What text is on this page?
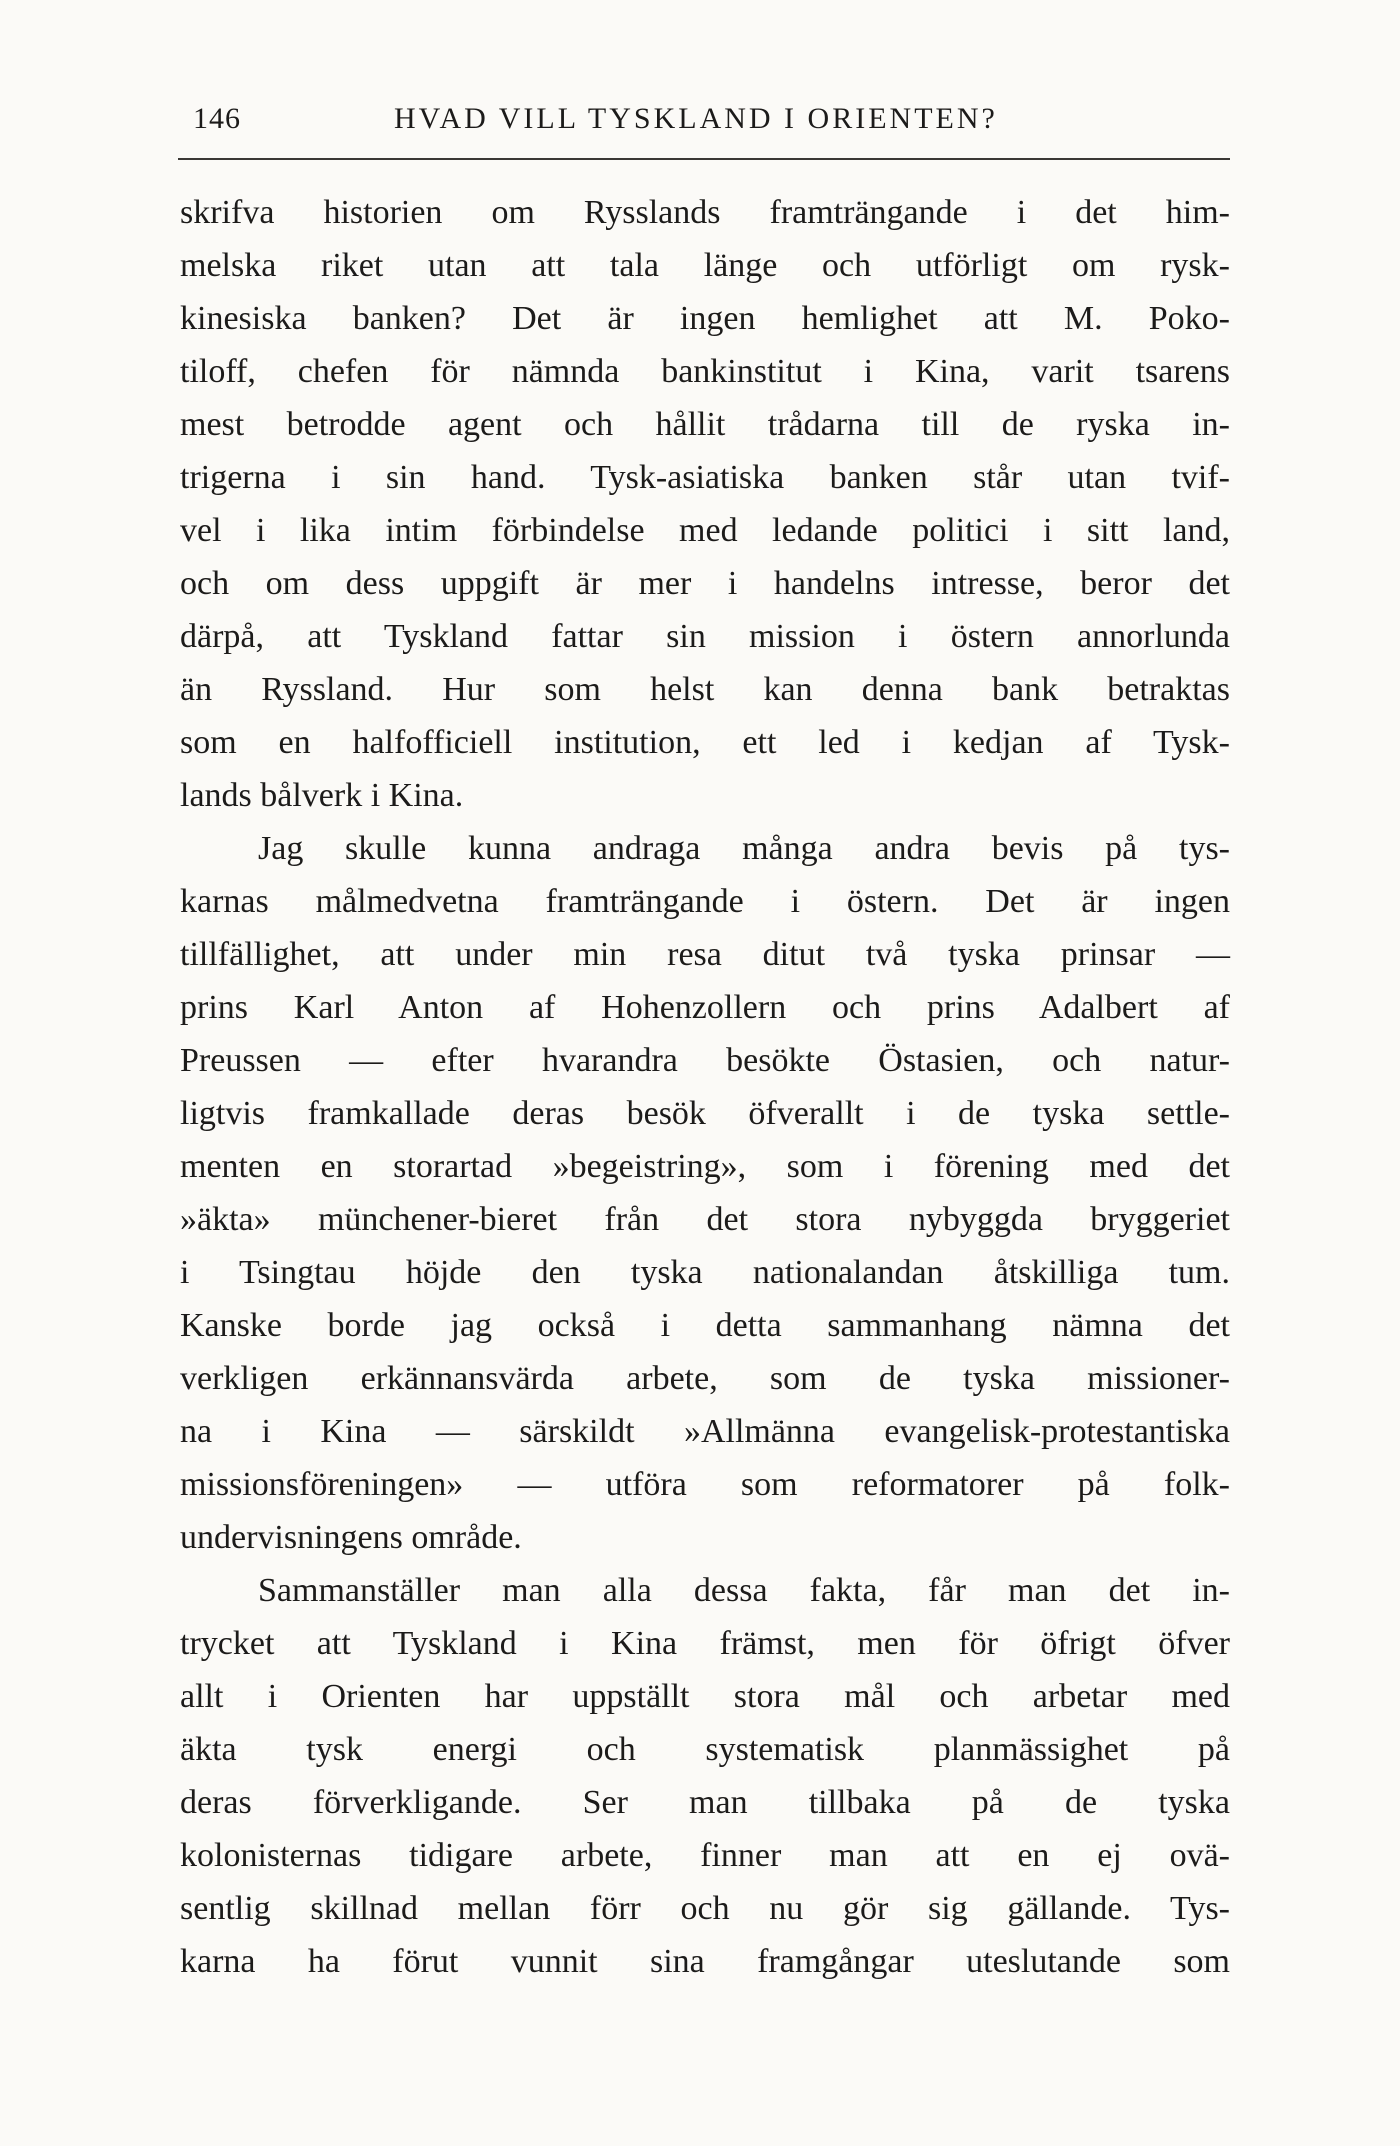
146	HVAD VILL TYSKLAND I ORIENTEN?
skrifva historien om Rysslands framträngande i det him-
melska riket utan att tala länge och utförligt om rysk-
kinesiska banken? Det är ingen hemlighet att M. Poko-
tiloff, chefen för nämnda bankinstitut i Kina, varit tsarens
mest betrodde agent och hållit trådarna till de ryska in-
trigerna i sin hand. Tysk-asiatiska banken står utan tvif-
vel i lika intim förbindelse med ledande politici i sitt land,
och om dess uppgift är mer i handelns intresse, beror det
därpå, att Tyskland fattar sin mission i östern annorlunda
än Ryssland. Hur som helst kan denna bank betraktas
som en halfofficiell institution, ett led i kedjan af Tysk-
lands bålverk i Kina.
Jag skulle kunna andraga många andra bevis på tys-
karnas målmedvetna framträngande i östern. Det är ingen
tillfällighet, att under min resa ditut två tyska prinsar —
prins Karl Anton af Hohenzollern och prins Adalbert af
Preussen — efter hvarandra besökte Östasien, och natur-
ligtvis framkallade deras besök öfverallt i de tyska settle-
menten en storartad »begeistring», som i förening med det
»äkta» münchener-bieret från det stora nybyggda bryggeriet
i Tsingtau höjde den tyska nationalandan åtskilliga tum.
Kanske borde jag också i detta sammanhang nämna det
verkligen erkännansvärda arbete, som de tyska missioner-
na i Kina — särskildt »Allmänna evangelisk-protestantiska
missionsföreningen» — utföra som reformatorer på folk-
undervisningens område.
Sammanställer man alla dessa fakta, får man det in-
trycket att Tyskland i Kina främst, men för öfrigt öfver
allt i Orienten har uppställt stora mål och arbetar med
äkta tysk energi och systematisk planmässighet på
deras förverkligande. Ser man tillbaka på de tyska
kolonisternas tidigare arbete, finner man att en ej ovä-
sentlig skillnad mellan förr och nu gör sig gällande. Tys-
karna ha förut vunnit sina framgångar uteslutande som
